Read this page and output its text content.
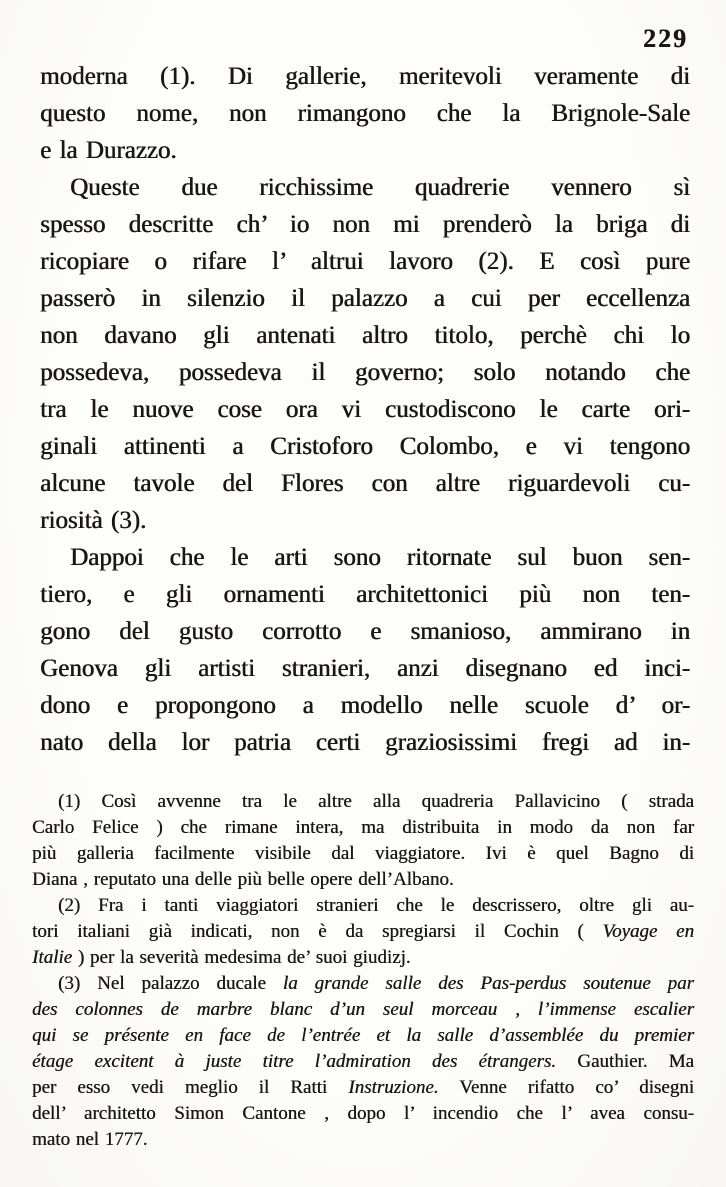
229
moderna (1). Di gallerie, meritevoli veramente di
questo nome, non rimangono che la Brignole-Sale
e la Durazzo.
Queste due ricchissime quadrerie vennero sì
spesso descritte ch’ io non mi prenderò la briga di
ricopiare o rifare l’ altrui lavoro (2). E così pure
passerò in silenzio il palazzo a cui per eccellenza
non davano gli antenati altro titolo, perchè chi lo
possedeva, possedeva il governo; solo notando che
tra le nuove cose ora vi custodiscono le carte ori-
ginali attinenti a Cristoforo Colombo, e vi tengono
alcune tavole del Flores con altre riguardevoli cu-
riosità (3).
Dappoi che le arti sono ritornate sul buon sen-
tiero, e gli ornamenti architettonici più non ten-
gono del gusto corrotto e smanioso, ammirano in
Genova gli artisti stranieri, anzi disegnano ed inci-
dono e propongono a modello nelle scuole d’ or-
nato della lor patria certi graziosissimi fregi ad in-
(1) Così avvenne tra le altre alla quadreria Pallavicino ( strada
Carlo Felice ) che rimane intera, ma distribuita in modo da non far
più galleria facilmente visibile dal viaggiatore. Ivi è quel Bagno di
Diana , reputato una delle più belle opere dell’Albano.
(2) Fra i tanti viaggiatori stranieri che le descrissero, oltre gli au-
tori italiani già indicati, non è da spregiarsi il Cochin ( Voyage en
Italie ) per la severità medesima de’ suoi giudizj.
(3) Nel palazzo ducale la grande salle des Pas-perdus soutenue par
des colonnes de marbre blanc d’un seul morceau , l’immense escalier
qui se présente en face de l’entrée et la salle d’assemblée du premier
étage excitent à juste titre l’admiration des étrangers. Gauthier. Ma
per esso vedi meglio il Ratti Instruzione. Venne rifatto co’ disegni
dell’ architetto Simon Cantone , dopo l’ incendio che l’ avea consu-
mato nel 1777.
